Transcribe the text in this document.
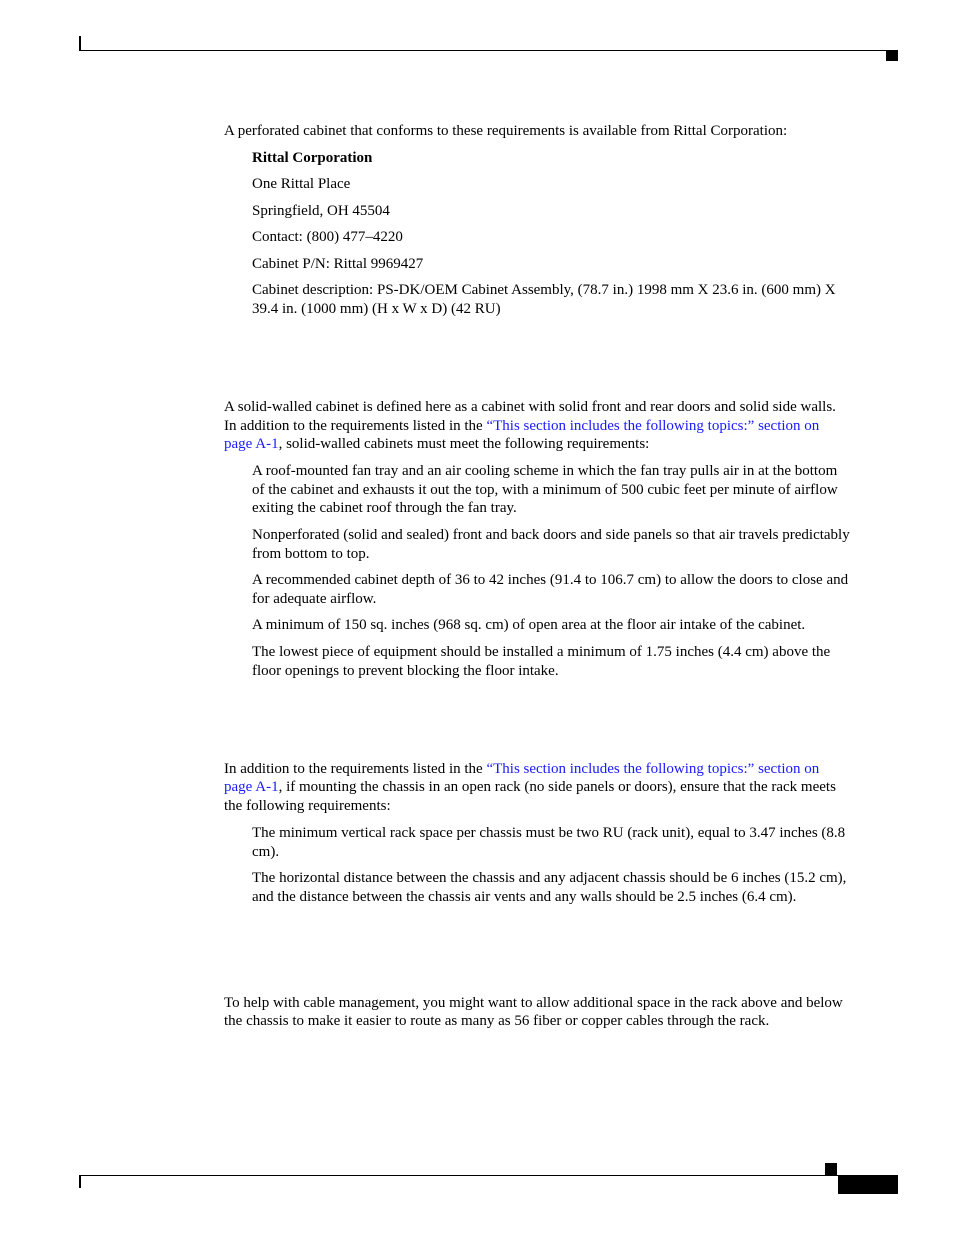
A perforated cabinet that conforms to these requirements is available from Rittal Corporation:
Rittal Corporation
One Rittal Place
Springfield, OH 45504
Contact: (800) 477–4220
Cabinet P/N: Rittal 9969427
Cabinet description: PS-DK/OEM Cabinet Assembly, (78.7 in.) 1998 mm X 23.6 in. (600 mm) X
39.4 in. (1000 mm) (H x W x D) (42 RU)
A solid-walled cabinet is defined here as a cabinet with solid front and rear doors and solid side walls.
In addition to the requirements listed in the “This section includes the following topics:” section on
page A-1, solid-walled cabinets must meet the following requirements:
A roof-mounted fan tray and an air cooling scheme in which the fan tray pulls air in at the bottom
of the cabinet and exhausts it out the top, with a minimum of 500 cubic feet per minute of airflow
exiting the cabinet roof through the fan tray.
Nonperforated (solid and sealed) front and back doors and side panels so that air travels predictably
from bottom to top.
A recommended cabinet depth of 36 to 42 inches (91.4 to 106.7 cm) to allow the doors to close and
for adequate airflow.
A minimum of 150 sq. inches (968 sq. cm) of open area at the floor air intake of the cabinet.
The lowest piece of equipment should be installed a minimum of 1.75 inches (4.4 cm) above the
floor openings to prevent blocking the floor intake.
In addition to the requirements listed in the “This section includes the following topics:” section on
page A-1, if mounting the chassis in an open rack (no side panels or doors), ensure that the rack meets
the following requirements:
The minimum vertical rack space per chassis must be two RU (rack unit), equal to 3.47 inches (8.8
cm).
The horizontal distance between the chassis and any adjacent chassis should be 6 inches (15.2 cm),
and the distance between the chassis air vents and any walls should be 2.5 inches (6.4 cm).
To help with cable management, you might want to allow additional space in the rack above and below
the chassis to make it easier to route as many as 56 fiber or copper cables through the rack.
